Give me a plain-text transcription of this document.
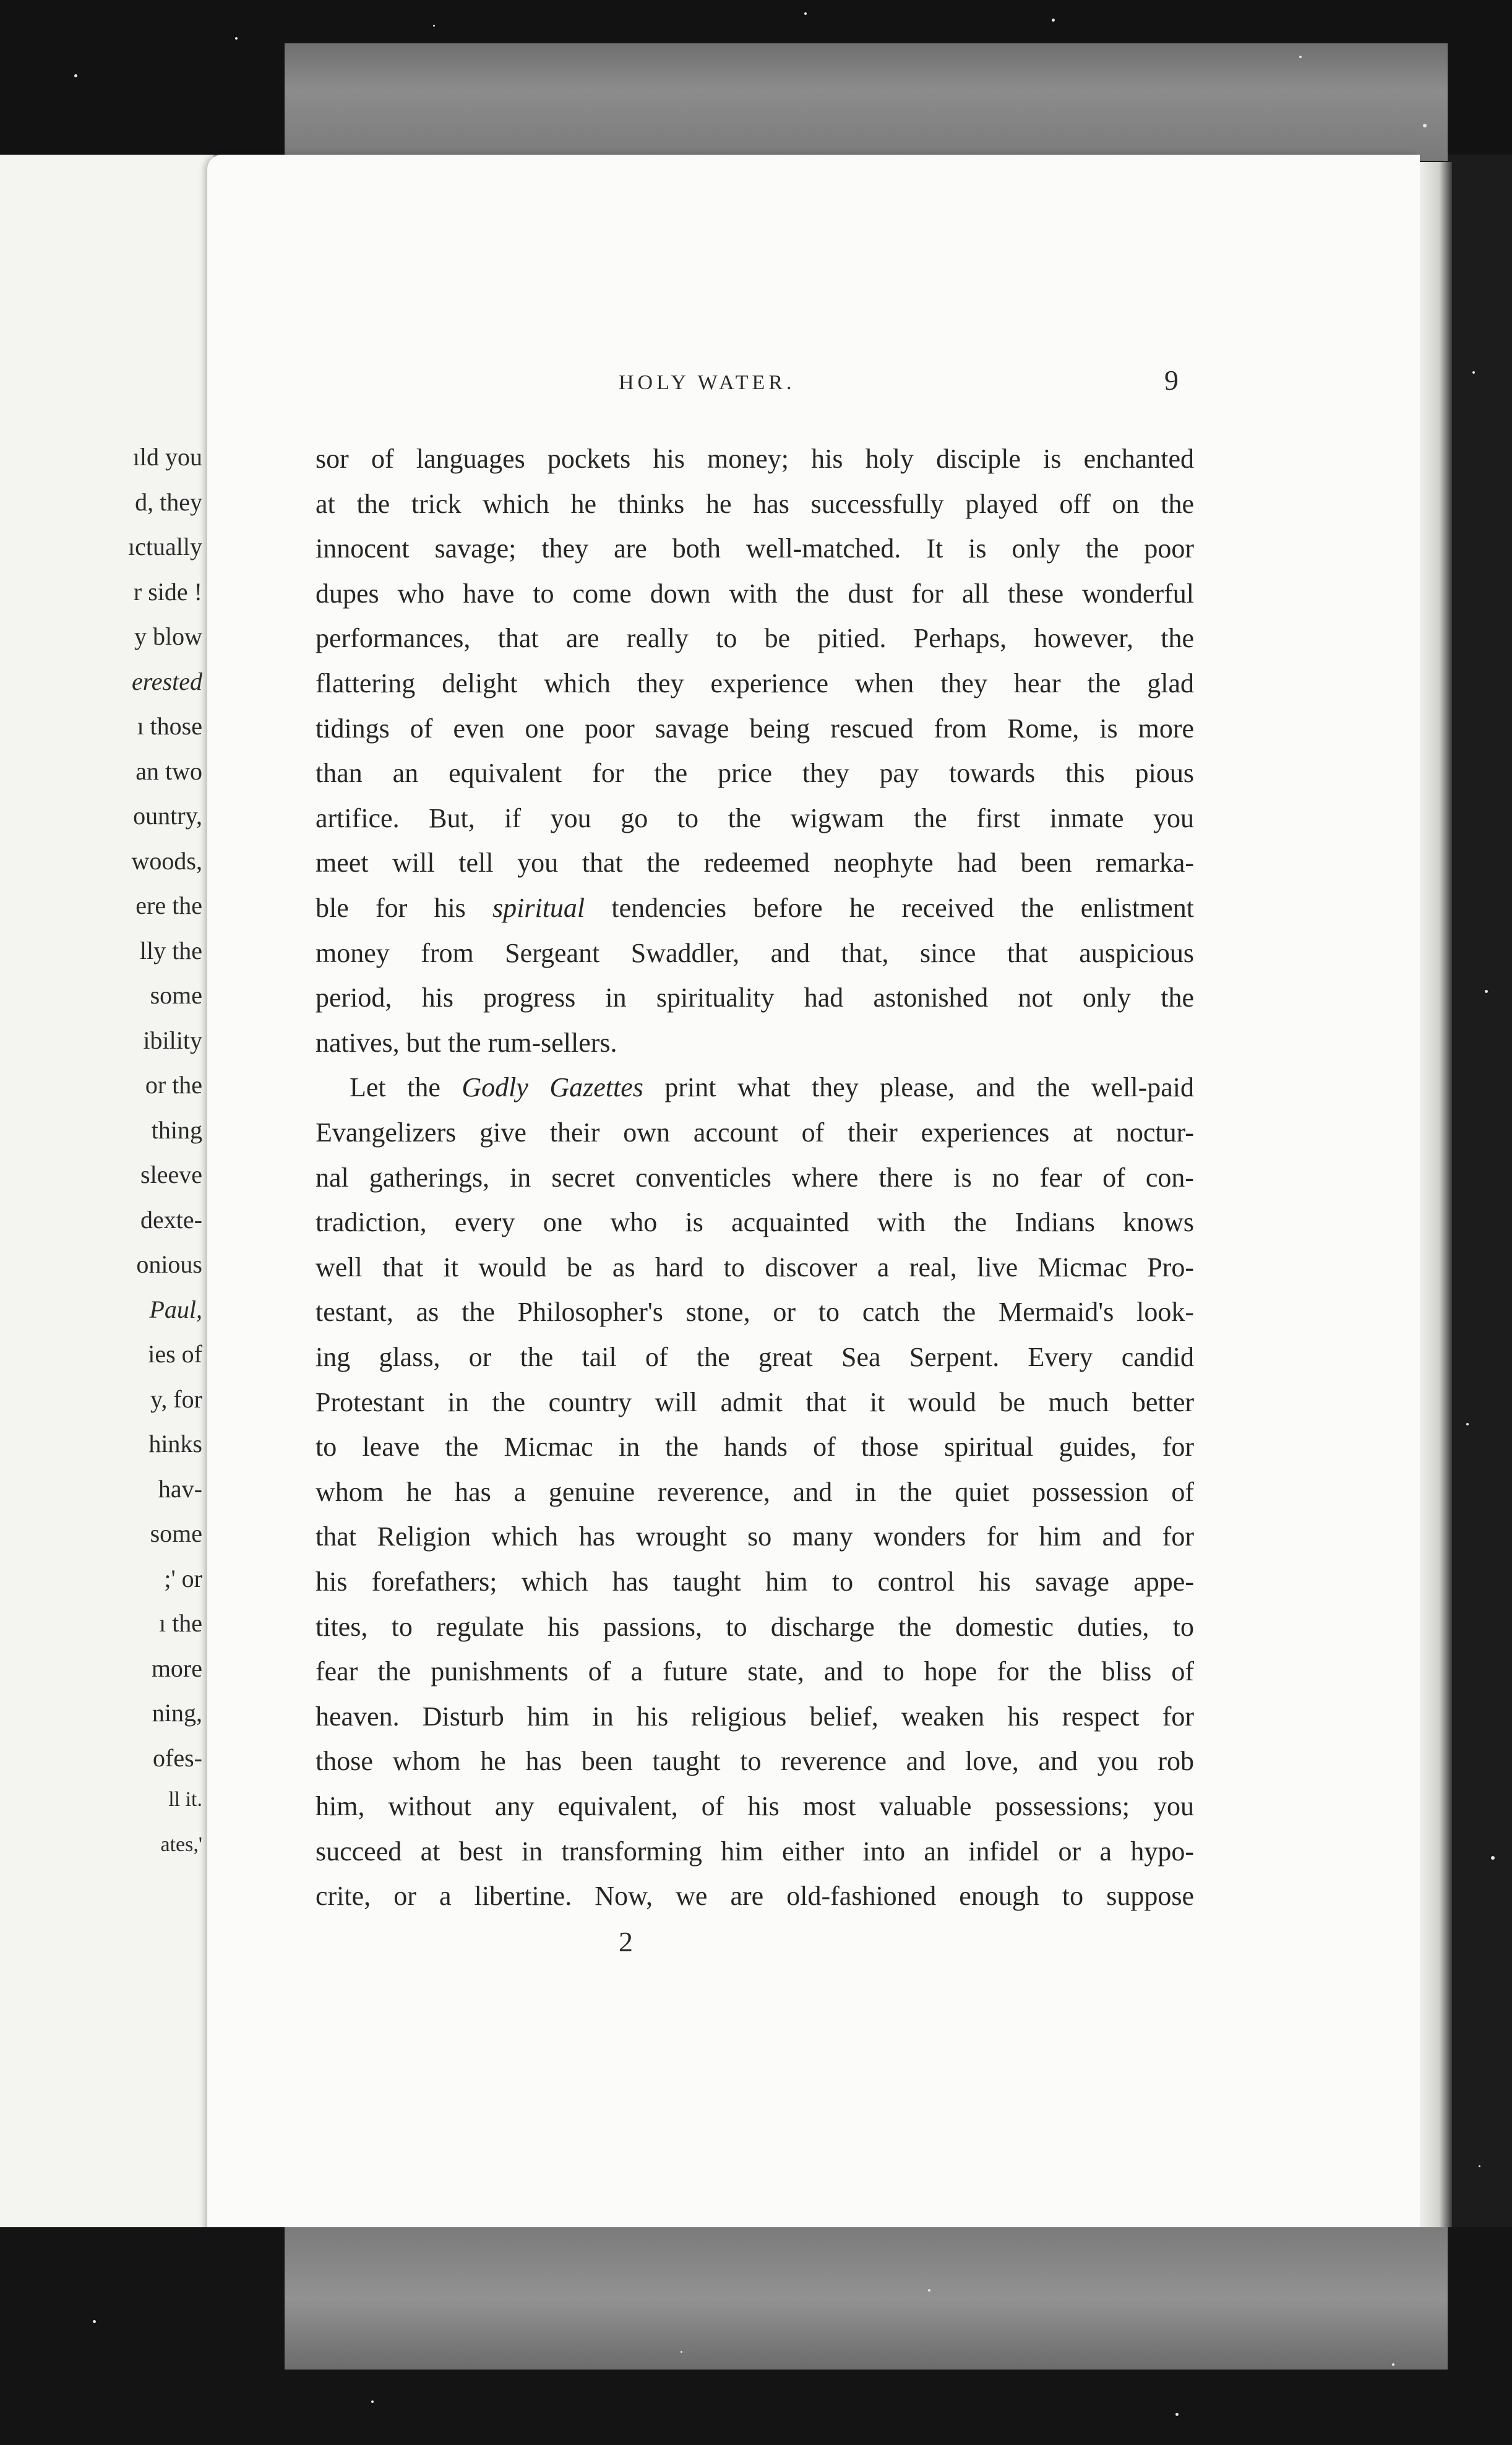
ıld you
d, they
ıctually
r side !
y blow
erested
ı those
an two
ountry,
woods,
ere the
lly the
some
ibility
or the
thing
sleeve
dexte-
onious
Paul,
ies of
y, for
hinks
hav-
some
;' or
ı the
more
ning,
ofes-
ll it.
ates,'
HOLY WATER.	9
sor of languages pockets his money; his holy disciple is enchanted
at the trick which he thinks he has successfully played off on the
innocent savage; they are both well-matched. It is only the poor
dupes who have to come down with the dust for all these wonderful
performances, that are really to be pitied. Perhaps, however, the
flattering delight which they experience when they hear the glad
tidings of even one poor savage being rescued from Rome, is more
than an equivalent for the price they pay towards this pious
artifice. But, if you go to the wigwam the first inmate you
meet will tell you that the redeemed neophyte had been remarka-
ble for his spiritual tendencies before he received the enlistment
money from Sergeant Swaddler, and that, since that auspicious
period, his progress in spirituality had astonished not only the
natives, but the rum-sellers.
Let the Godly Gazettes print what they please, and the well-paid
Evangelizers give their own account of their experiences at noctur-
nal gatherings, in secret conventicles where there is no fear of con-
tradiction, every one who is acquainted with the Indians knows
well that it would be as hard to discover a real, live Micmac Pro-
testant, as the Philosopher's stone, or to catch the Mermaid's look-
ing glass, or the tail of the great Sea Serpent. Every candid
Protestant in the country will admit that it would be much better
to leave the Micmac in the hands of those spiritual guides, for
whom he has a genuine reverence, and in the quiet possession of
that Religion which has wrought so many wonders for him and for
his forefathers; which has taught him to control his savage appe-
tites, to regulate his passions, to discharge the domestic duties, to
fear the punishments of a future state, and to hope for the bliss of
heaven. Disturb him in his religious belief, weaken his respect for
those whom he has been taught to reverence and love, and you rob
him, without any equivalent, of his most valuable possessions; you
succeed at best in transforming him either into an infidel or a hypo-
crite, or a libertine. Now, we are old-fashioned enough to suppose
2
